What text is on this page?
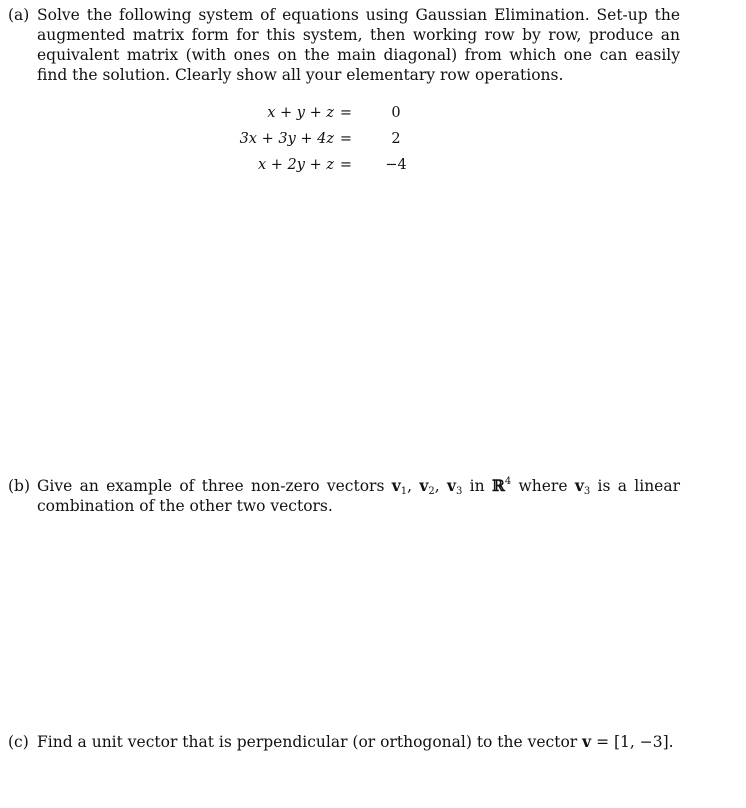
(a) Solve the following system of equations using Gaussian Elimination. Set-up the augmented matrix form for this system, then working row by row, produce an equivalent matrix (with ones on the main diagonal) from which one can easily find the solution. Clearly show all your elementary row operations.
x + y + z =	0
3x + 3y + 4z =	2
x + 2y + z = −4
(b) Give an example of three non-zero vectors $v_1$, $v_2$, $v_3$ in ℝ$^4$ where $v_3$ is a linear combination of the other two vectors.
(c) Find a unit vector that is perpendicular (or orthogonal) to the vector v = [1, −3].
